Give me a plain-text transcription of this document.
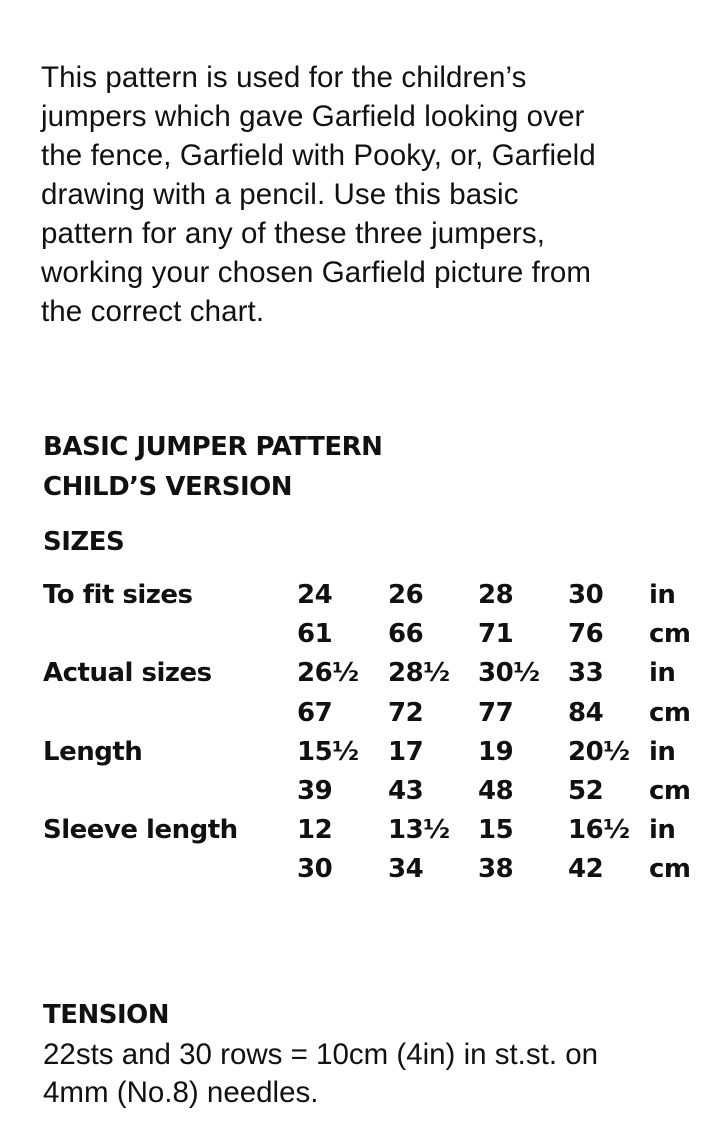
This pattern is used for the children’s
jumpers which gave Garfield looking over
the fence, Garfield with Pooky, or, Garfield
drawing with a pencil. Use this basic
pattern for any of these three jumpers,
working your chosen Garfield picture from
the correct chart.

BASIC JUMPER PATTERN
CHILD’S VERSION
SIZES
To fit sizes	24 26 28 30 in
61 66 71 76 cm
Actual sizes	26½ 28½ 30½ 33 in
67 72 77 84 cm
Length	15½ 17 19 20½ in
39 43 48 52 cm
Sleeve length 12 13½ 15 16½ in
30 34 38 42 cm
TENSION

22sts and 30 rows = 10cm (4in) in st.st. on
4mm (No.8) needles.
